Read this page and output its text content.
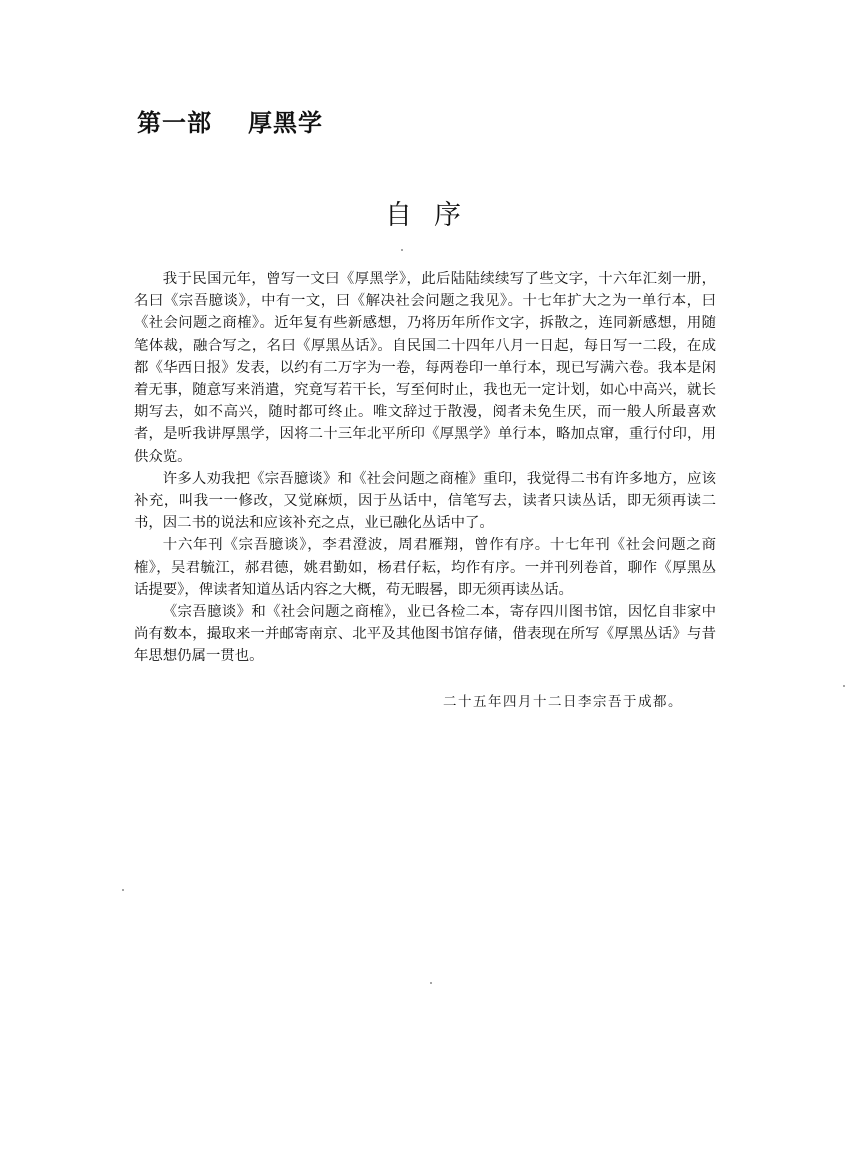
第一部 厚黑学
自序

我于民国元年，曾写一文曰《厚黑学》，此后陆陆续续写了些文字，十六年汇刻一册，名曰《宗吾臆谈》，中有一文，曰《解决社会问题之我见》。十七年扩大之为一单行本，曰《社会问题之商榷》。近年复有些新感想，乃将历年所作文字，拆散之，连同新感想，用随笔体裁，融合写之，名曰《厚黑丛话》。自民国二十四年八月一日起，每日写一二段，在成都《华西日报》发表，以约有二万字为一卷，每两卷印一单行本，现已写满六卷。我本是闲着无事，随意写来消遣，究竟写若干长，写至何时止，我也无一定计划，如心中高兴，就长期写去，如不高兴，随时都可终止。唯文辞过于散漫，阅者未免生厌，而一般人所最喜欢者，是听我讲厚黑学，因将二十三年北平所印《厚黑学》单行本，略加点窜，重行付印，用供众览。

许多人劝我把《宗吾臆谈》和《社会问题之商榷》重印，我觉得二书有许多地方，应该补充，叫我一一修改，又觉麻烦，因于丛话中，信笔写去，读者只读丛话，即无须再读二书，因二书的说法和应该补充之点，业已融化丛话中了。

十六年刊《宗吾臆谈》，李君澄波，周君雁翔，曾作有序。十七年刊《社会问题之商榷》，吴君毓江，郝君德，姚君勤如，杨君仔耘，均作有序。一并刊列卷首，聊作《厚黑丛话提要》，俾读者知道丛话内容之大概，苟无暇晷，即无须再读丛话。

《宗吾臆谈》和《社会问题之商榷》，业已各检二本，寄存四川图书馆，因忆自非家中尚有数本，撮取来一并邮寄南京、北平及其他图书馆存储，借表现在所写《厚黑丛话》与昔年思想仍属一贯也。

二十五年四月十二日李宗吾于成都。
